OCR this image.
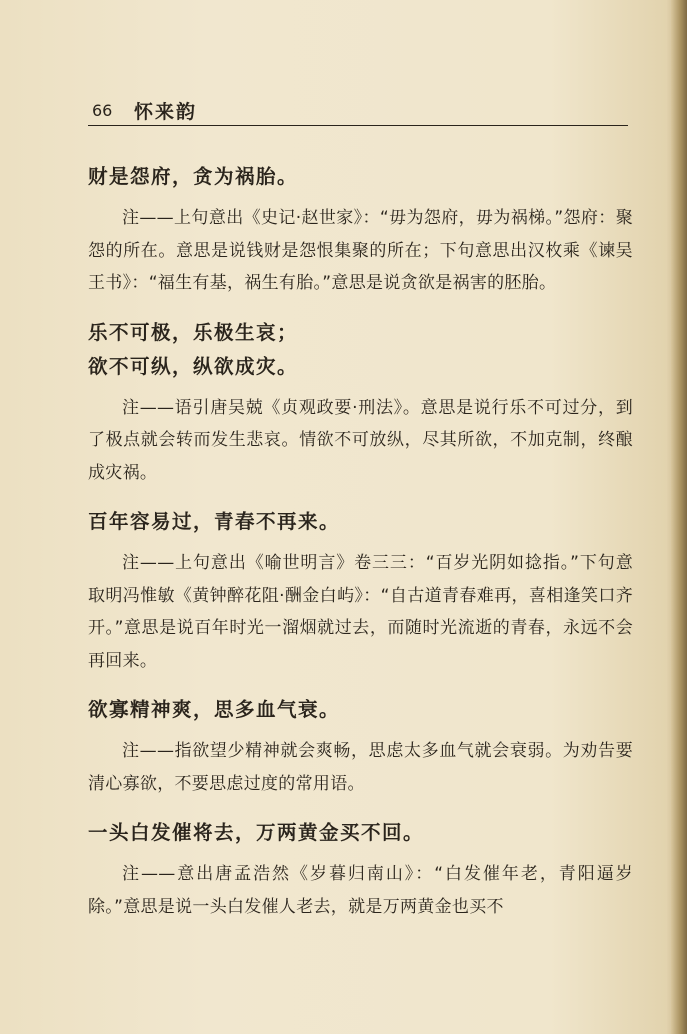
66 怀来韵

财是怨府，贪为祸胎。

注——上句意出《史记·赵世家》：“毋为怨府，毋为祸梯。”怨府：聚怨的所在。意思是说钱财是怨恨集聚的所在；下句意思出汉枚乘《谏吴王书》：“福生有基，祸生有胎。”意思是说贪欲是祸害的胚胎。

乐不可极，乐极生哀；

欲不可纵，纵欲成灾。

注——语引唐吴兢《贞观政要·刑法》。意思是说行乐不可过分，到了极点就会转而发生悲哀。情欲不可放纵，尽其所欲，不加克制，终酿成灾祸。

百年容易过，青春不再来。

注——上句意出《喻世明言》卷三三：“百岁光阴如捻指。”下句意取明冯惟敏《黄钟醉花阻·酬金白屿》：“自古道青春难再，喜相逢笑口齐开。”意思是说百年时光一溜烟就过去，而随时光流逝的青春，永远不会再回来。

欲寡精神爽，思多血气衰。

注——指欲望少精神就会爽畅，思虑太多血气就会衰弱。为劝告要清心寡欲，不要思虑过度的常用语。

一头白发催将去，万两黄金买不回。

注——意出唐孟浩然《岁暮归南山》：“白发催年老，青阳逼岁除。”意思是说一头白发催人老去，就是万两黄金也买不
